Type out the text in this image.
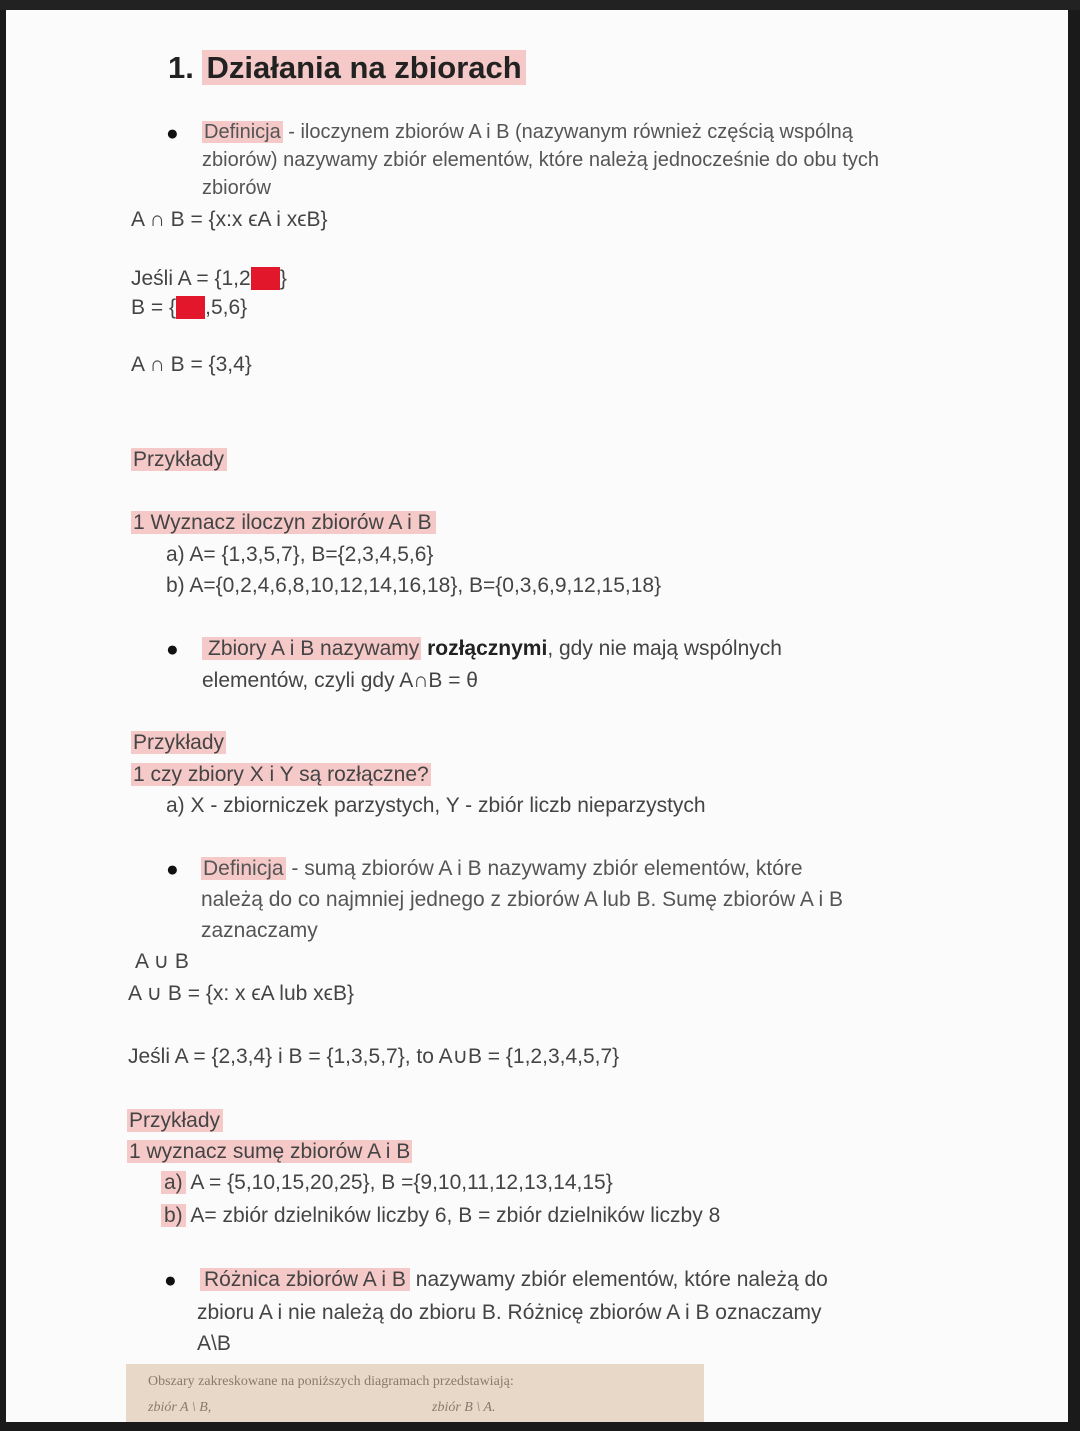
1. Działania na zbiorach
● Definicja - iloczynem zbiorów A i B (nazywanym również częścią wspólną
zbiorów) nazywamy zbiór elementów, które należą jednocześnie do obu tych
zbiorów
A ∩ B = {x:x ϵA i xϵB}
Jeśli A = {1,23,4}
B = {3,4,5,6}
A ∩ B = {3,4}
Przykłady
1 Wyznacz iloczyn zbiorów A i B
a) A= {1,3,5,7}, B={2,3,4,5,6}
b) A={0,2,4,6,8,10,12,14,16,18}, B={0,3,6,9,12,15,18}
● Zbiory A i B nazywamy rozłącznymi, gdy nie mają wspólnych
elementów, czyli gdy A∩B = θ
Przykłady
1 czy zbiory X i Y są rozłączne?
a) X - zbiorniczek parzystych, Y - zbiór liczb nieparzystych
● Definicja - sumą zbiorów A i B nazywamy zbiór elementów, które
należą do co najmniej jednego z zbiorów A lub B. Sumę zbiorów A i B
zaznaczamy
A ∪ B
A ∪ B = {x: x ϵA lub xϵB}
Jeśli A = {2,3,4} i B = {1,3,5,7}, to A∪B = {1,2,3,4,5,7}
Przykłady
1 wyznacz sumę zbiorów A i B
a) A = {5,10,15,20,25}, B ={9,10,11,12,13,14,15}
b) A= zbiór dzielników liczby 6, B = zbiór dzielników liczby 8
● Różnica zbiorów A i B nazywamy zbiór elementów, które należą do
zbioru A i nie należą do zbioru B. Różnicę zbiorów A i B oznaczamy
A\B
Obszary zakreskowane na poniższych diagramach przedstawiają:
zbiór A \ B,	zbiór B \ A.
